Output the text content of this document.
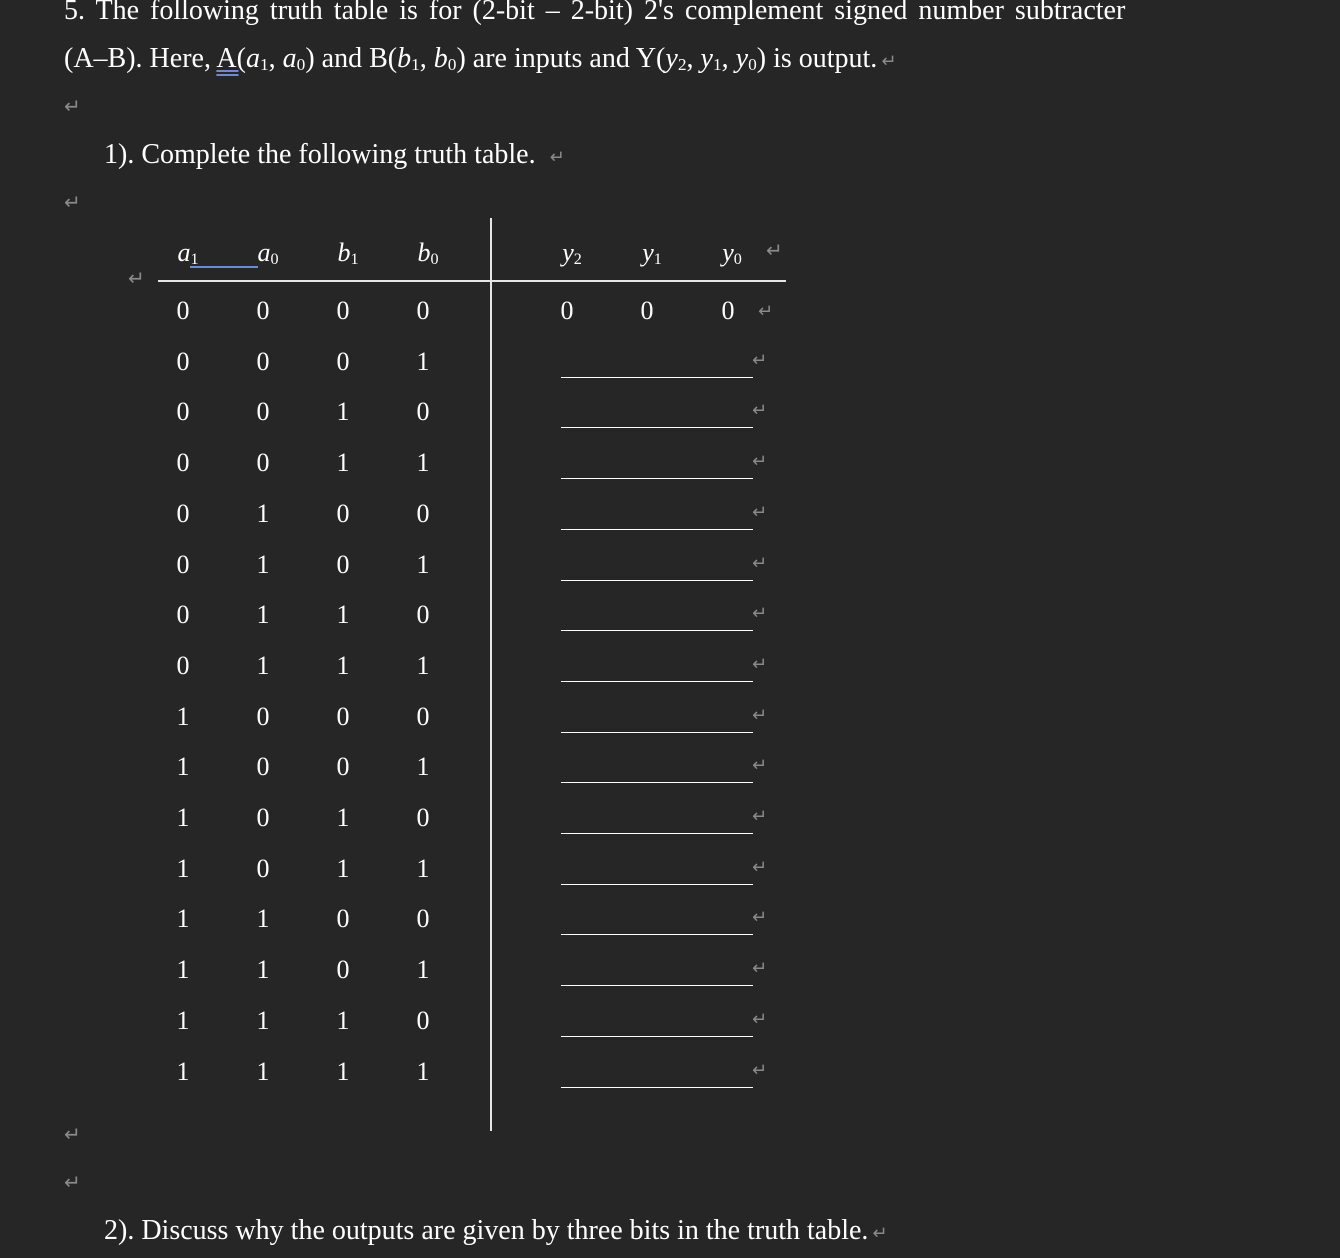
5. The following truth table is for (2-bit – 2-bit) 2's complement signed number subtracter
(A–B). Here, $A(a_1$, $a_0$) and $B(b_1$, $b_0$) are inputs and $Y(y_2$, $y_1$, $y_0$) is output. ↵
↵
1). Complete the following truth table. ↵
↵
$a_1$	$a_0$	$b_1$	$b_0$	$y_2$	$y_1$	$y_0$	↵
↵
0	0	0	0	0	0	0	↵
0	0	0	1	↵
0	0	1	0	↵
0	0	1	1	↵
0	1	0	0	↵
0	1	0	1	↵
0	1	1	0	↵
0	1	1	1	↵
1	0	0	0	↵
1	0	0	1	↵
1	0	1	0	↵
1	0	1	1	↵
1	1	0	0	↵
1	1	0	1	↵
1	1	1	0	↵
1	1	1	1	↵
↵
↵
2). Discuss why the outputs are given by three bits in the truth table. ↵
